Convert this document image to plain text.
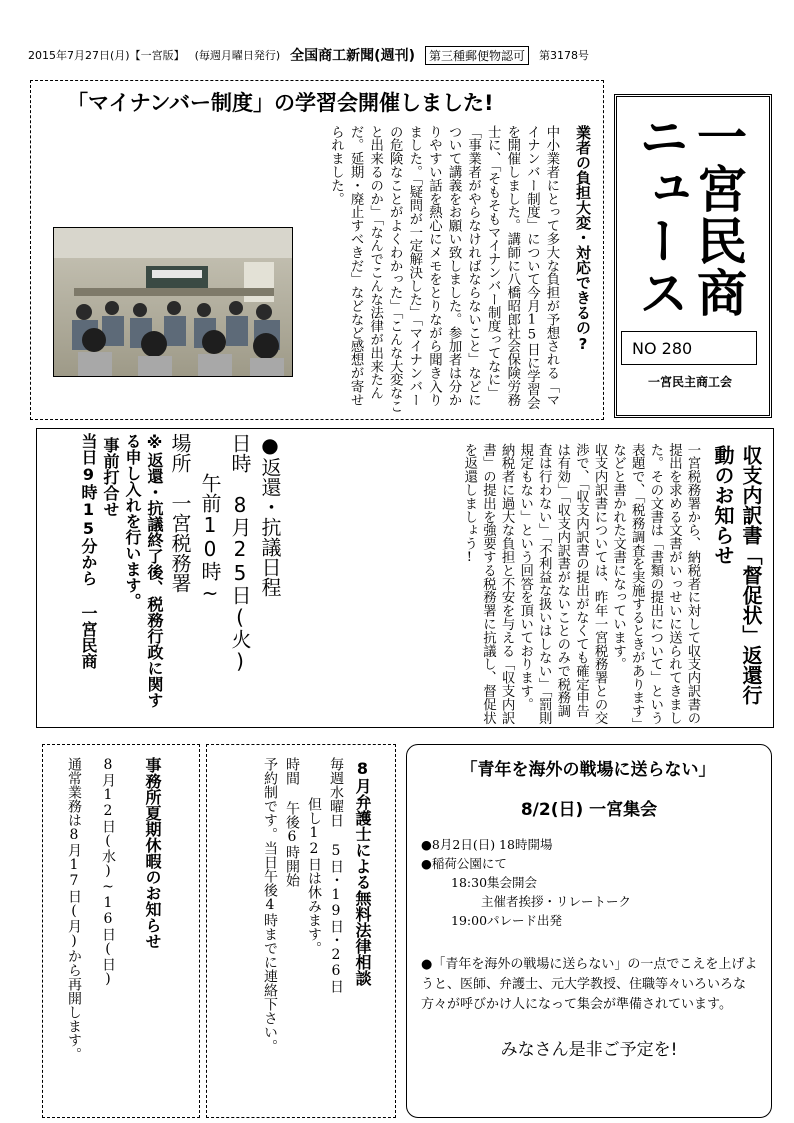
2015年7月27日(月)【一宮版】 (毎週月曜日発行) 全国商工新聞(週刊)	第三種郵便物認可	第3178号
「マイナンバー制度」の学習会開催しました!
業者の負担大変・対応できるの?

中小業者にとって多大な負担が予想される「マイナンバー制度」について今月15日に学習会を開催しました。講師に八橋昭郎社会保険労務士に、「そもそもマイナンバー制度ってなに」「事業者がやらなければならないこと」などについて講義をお願い致しました。参加者は分かりやすい話を熱心にメモをとりながら聞き入りました。「疑問が一定解決した」「マイナンバーの危険なことがよくわかった」「こんな大変なこと出来るのか」「なんでこんな法律が出来たんだ。延期・廃止すべきだ」などなど感想が寄せられました。	一宮民商ニュース
NO 280
一宮民主商工会
収支内訳書「督促状」返還行動のお知らせ

一宮税務署から、納税者に対して収支内訳書の提出を求める文書がいっせいに送られてきました。その文書は「書類の提出について」という表題で、「税務調査を実施するときがあります」などと書かれた文書になっています。

収支内訳書については、昨年一宮税務署との交渉で、「収支内訳書の提出がなくても確定申告は有効」「収支内訳書がないことのみで税務調査は行わない」「不利益な扱いはしない」「罰則規定もない」という回答を頂いております。

納税者に過大な負担と不安を与える「収支内訳書」の提出を強要する税務署に抗議し、督促状を返還しましょう!

●返還・抗議日程

日時　8月25日(火)

　　午前10時~

場所　一宮税務署

※返還・抗議終了後、税務行政に関する申し入れを行います。

事前打合せ

当日9時15分から 一宮民商

事務所夏期休暇のお知らせ

8月12日(水)~16日(日)

通常業務は8月17日(月)から再開します。	8月弁護士による無料法律相談

毎週水曜日 5日・19日・26日

但し12日は休みます。

時間 午後6時開始

予約制です。当日午後4時までに連絡下さい。	「青年を海外の戦場に送らない」
8/2(日) 一宮集会
●8月2日(日) 18時開場
●稲荷公園にて
18:30集会開会
主催者挨拶・リレートーク
19:00パレード出発
●「青年を海外の戦場に送らない」の一点でこえを上げようと、医師、弁護士、元大学教授、住職等々いろいろな方々が呼びかけ人になって集会が準備されています。
みなさん是非ご予定を!
